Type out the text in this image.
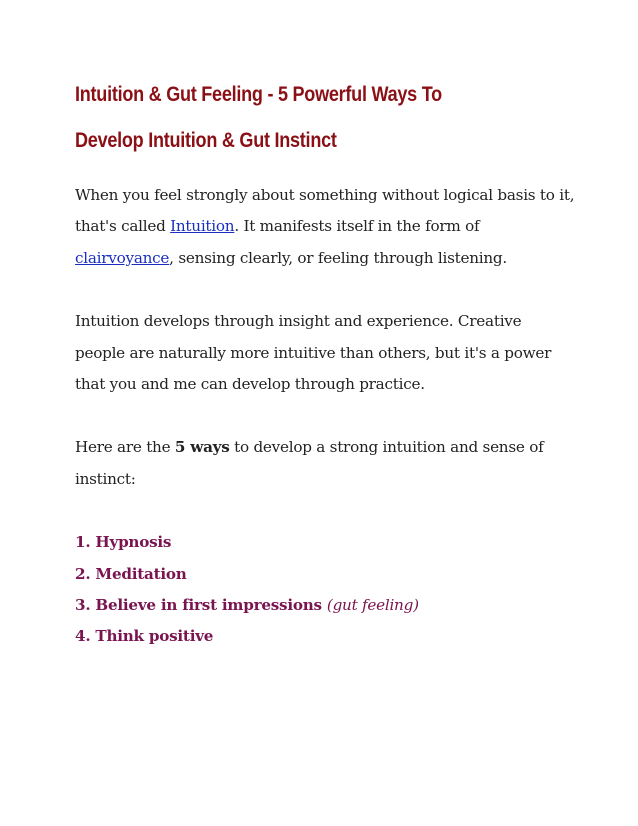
Intuition & Gut Feeling - 5 Powerful Ways To
Develop Intuition & Gut Instinct

When you feel strongly about something without logical basis to it, that's called Intuition. It manifests itself in the form of clairvoyance, sensing clearly, or feeling through listening.

Intuition develops through insight and experience. Creative people are naturally more intuitive than others, but it's a power that you and me can develop through practice.

Here are the 5 ways to develop a strong intuition and sense of instinct:

1. Hypnosis
2. Meditation
3. Believe in first impressions (gut feeling)
4. Think positive
